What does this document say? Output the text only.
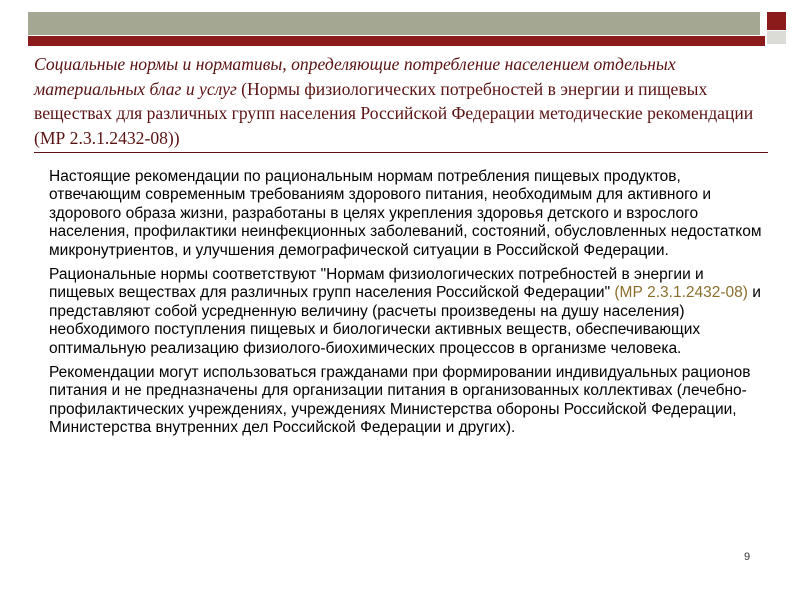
Социальные нормы и нормативы, определяющие потребление населением отдельных материальных благ и услуг (Нормы физиологических потребностей в энергии и пищевых веществах для различных групп населения Российской Федерации методические рекомендации (МР 2.3.1.2432-08))

Настоящие рекомендации по рациональным нормам потребления пищевых продуктов, отвечающим современным требованиям здорового питания, необходимым для активного и здорового образа жизни, разработаны в целях укрепления здоровья детского и взрослого населения, профилактики неинфекционных заболеваний, состояний, обусловленных недостатком микронутриентов, и улучшения демографической ситуации в Российской Федерации.

Рациональные нормы соответствуют "Нормам физиологических потребностей в энергии и пищевых веществах для различных групп населения Российской Федерации" (МР 2.3.1.2432-08) и представляют собой усредненную величину (расчеты произведены на душу населения) необходимого поступления пищевых и биологически активных веществ, обеспечивающих оптимальную реализацию физиолого-биохимических процессов в организме человека.

Рекомендации могут использоваться гражданами при формировании индивидуальных рационов питания и не предназначены для организации питания в организованных коллективах (лечебно-профилактических учреждениях, учреждениях Министерства обороны Российской Федерации, Министерства внутренних дел Российской Федерации и других).

9
